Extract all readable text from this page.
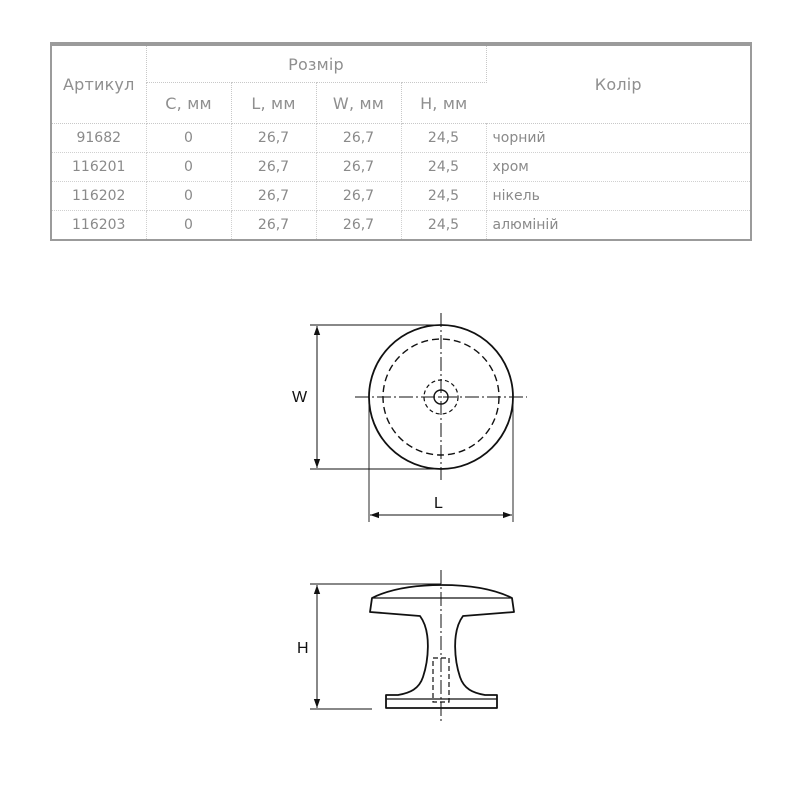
Артикул	Розмір				Колір
	C, мм	L, мм	W, мм	H, мм	
91682	0	26,7	26,7	24,5	чорний
116201	0	26,7	26,7	24,5	хром
116202	0	26,7	26,7	24,5	нікель
116203	0	26,7	26,7	24,5	алюміній
W
L
H
